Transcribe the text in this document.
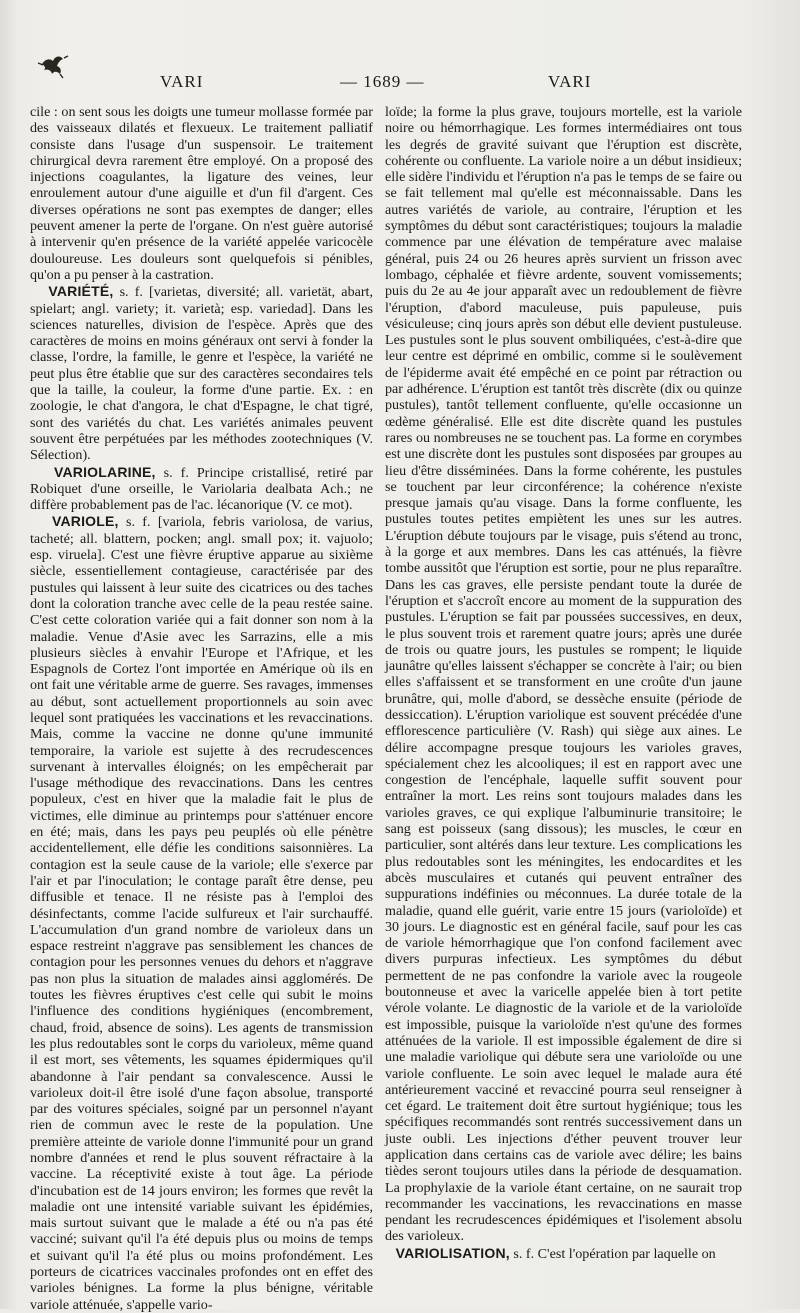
VARI	— 1689 —	VARI

cile : on sent sous les doigts une tumeur mollasse formée par des vaisseaux dilatés et flexueux. Le traitement palliatif consiste dans l'usage d'un suspensoir. Le traitement chirurgical devra rarement être employé. On a proposé des injections coagulantes, la ligature des veines, leur enroulement autour d'une aiguille et d'un fil d'argent. Ces diverses opérations ne sont pas exemptes de danger; elles peuvent amener la perte de l'organe. On n'est guère autorisé à intervenir qu'en présence de la variété appelée varicocèle douloureuse. Les douleurs sont quelquefois si pénibles, qu'on a pu penser à la castration.

VARIÉTÉ, s. f. [varietas, diversité; all. varietät, abart, spielart; angl. variety; it. varietà; esp. variedad]. Dans les sciences naturelles, division de l'espèce. Après que des caractères de moins en moins généraux ont servi à fonder la classe, l'ordre, la famille, le genre et l'espèce, la variété ne peut plus être établie que sur des caractères secondaires tels que la taille, la couleur, la forme d'une partie. Ex. : en zoologie, le chat d'angora, le chat d'Espagne, le chat tigré, sont des variétés du chat. Les variétés animales peuvent souvent être perpétuées par les méthodes zootechniques (V. Sélection).

VARIOLARINE, s. f. Principe cristallisé, retiré par Robiquet d'une orseille, le Variolaria dealbata Ach.; ne diffère probablement pas de l'ac. lécanorique (V. ce mot).

VARIOLE, s. f. [variola, febris variolosa, de varius, tacheté; all. blattern, pocken; angl. small pox; it. vajuolo; esp. viruela]. C'est une fièvre éruptive apparue au sixième siècle, essentiellement contagieuse, caractérisée par des pustules qui laissent à leur suite des cicatrices ou des taches dont la coloration tranche avec celle de la peau restée saine. C'est cette coloration variée qui a fait donner son nom à la maladie. Venue d'Asie avec les Sarrazins, elle a mis plusieurs siècles à envahir l'Europe et l'Afrique, et les Espagnols de Cortez l'ont importée en Amérique où ils en ont fait une véritable arme de guerre. Ses ravages, immenses au début, sont actuellement proportionnels au soin avec lequel sont pratiquées les vaccinations et les revaccinations. Mais, comme la vaccine ne donne qu'une immunité temporaire, la variole est sujette à des recrudescences survenant à intervalles éloignés; on les empêcherait par l'usage méthodique des revaccinations. Dans les centres populeux, c'est en hiver que la maladie fait le plus de victimes, elle diminue au printemps pour s'atténuer encore en été; mais, dans les pays peu peuplés où elle pénètre accidentellement, elle défie les conditions saisonnières. La contagion est la seule cause de la variole; elle s'exerce par l'air et par l'inoculation; le contage paraît être dense, peu diffusible et tenace. Il ne résiste pas à l'emploi des désinfectants, comme l'acide sulfureux et l'air surchauffé. L'accumulation d'un grand nombre de varioleux dans un espace restreint n'aggrave pas sensiblement les chances de contagion pour les personnes venues du dehors et n'aggrave pas non plus la situation de malades ainsi agglomérés. De toutes les fièvres éruptives c'est celle qui subit le moins l'influence des conditions hygiéniques (encombrement, chaud, froid, absence de soins). Les agents de transmission les plus redoutables sont le corps du varioleux, même quand il est mort, ses vêtements, les squames épidermiques qu'il abandonne à l'air pendant sa convalescence. Aussi le varioleux doit-il être isolé d'une façon absolue, transporté par des voitures spéciales, soigné par un personnel n'ayant rien de commun avec le reste de la population. Une première atteinte de variole donne l'immunité pour un grand nombre d'années et rend le plus souvent réfractaire à la vaccine. La réceptivité existe à tout âge. La période d'incubation est de 14 jours environ; les formes que revêt la maladie ont une intensité variable suivant les épidémies, mais surtout suivant que le malade a été ou n'a pas été vacciné; suivant qu'il l'a été depuis plus ou moins de temps et suivant qu'il l'a été plus ou moins profondément. Les porteurs de cicatrices vaccinales profondes ont en effet des varioles bénignes. La forme la plus bénigne, véritable variole atténuée, s'appelle vario-

loïde; la forme la plus grave, toujours mortelle, est la variole noire ou hémorrhagique. Les formes intermédiaires ont tous les degrés de gravité suivant que l'éruption est discrète, cohérente ou confluente. La variole noire a un début insidieux; elle sidère l'individu et l'éruption n'a pas le temps de se faire ou se fait tellement mal qu'elle est méconnaissable. Dans les autres variétés de variole, au contraire, l'éruption et les symptômes du début sont caractéristiques; toujours la maladie commence par une élévation de température avec malaise général, puis 24 ou 26 heures après survient un frisson avec lombago, céphalée et fièvre ardente, souvent vomissements; puis du 2e au 4e jour apparaît avec un redoublement de fièvre l'éruption, d'abord maculeuse, puis papuleuse, puis vésiculeuse; cinq jours après son début elle devient pustuleuse. Les pustules sont le plus souvent ombiliquées, c'est-à-dire que leur centre est déprimé en ombilic, comme si le soulèvement de l'épiderme avait été empêché en ce point par rétraction ou par adhérence. L'éruption est tantôt très discrète (dix ou quinze pustules), tantôt tellement confluente, qu'elle occasionne un œdème généralisé. Elle est dite discrète quand les pustules rares ou nombreuses ne se touchent pas. La forme en corymbes est une discrète dont les pustules sont disposées par groupes au lieu d'être disséminées. Dans la forme cohérente, les pustules se touchent par leur circonférence; la cohérence n'existe presque jamais qu'au visage. Dans la forme confluente, les pustules toutes petites empiètent les unes sur les autres. L'éruption débute toujours par le visage, puis s'étend au tronc, à la gorge et aux membres. Dans les cas atténués, la fièvre tombe aussitôt que l'éruption est sortie, pour ne plus reparaître. Dans les cas graves, elle persiste pendant toute la durée de l'éruption et s'accroît encore au moment de la suppuration des pustules. L'éruption se fait par poussées successives, en deux, le plus souvent trois et rarement quatre jours; après une durée de trois ou quatre jours, les pustules se rompent; le liquide jaunâtre qu'elles laissent s'échapper se concrète à l'air; ou bien elles s'affaissent et se transforment en une croûte d'un jaune brunâtre, qui, molle d'abord, se dessèche ensuite (période de dessiccation). L'éruption variolique est souvent précédée d'une efflorescence particulière (V. Rash) qui siège aux aines. Le délire accompagne presque toujours les varioles graves, spécialement chez les alcooliques; il est en rapport avec une congestion de l'encéphale, laquelle suffit souvent pour entraîner la mort. Les reins sont toujours malades dans les varioles graves, ce qui explique l'albuminurie transitoire; le sang est poisseux (sang dissous); les muscles, le cœur en particulier, sont altérés dans leur texture. Les complications les plus redoutables sont les méningites, les endocardites et les abcès musculaires et cutanés qui peuvent entraîner des suppurations indéfinies ou méconnues. La durée totale de la maladie, quand elle guérit, varie entre 15 jours (varioloïde) et 30 jours. Le diagnostic est en général facile, sauf pour les cas de variole hémorrhagique que l'on confond facilement avec divers purpuras infectieux. Les symptômes du début permettent de ne pas confondre la variole avec la rougeole boutonneuse et avec la varicelle appelée bien à tort petite vérole volante. Le diagnostic de la variole et de la varioloïde est impossible, puisque la varioloïde n'est qu'une des formes atténuées de la variole. Il est impossible également de dire si une maladie variolique qui débute sera une varioloïde ou une variole confluente. Le soin avec lequel le malade aura été antérieurement vacciné et revacciné pourra seul renseigner à cet égard. Le traitement doit être surtout hygiénique; tous les spécifiques recommandés sont rentrés successivement dans un juste oubli. Les injections d'éther peuvent trouver leur application dans certains cas de variole avec délire; les bains tièdes seront toujours utiles dans la période de desquamation. La prophylaxie de la variole étant certaine, on ne saurait trop recommander les vaccinations, les revaccinations en masse pendant les recrudescences épidémiques et l'isolement absolu des varioleux.

VARIOLISATION, s. f. C'est l'opération par laquelle on
